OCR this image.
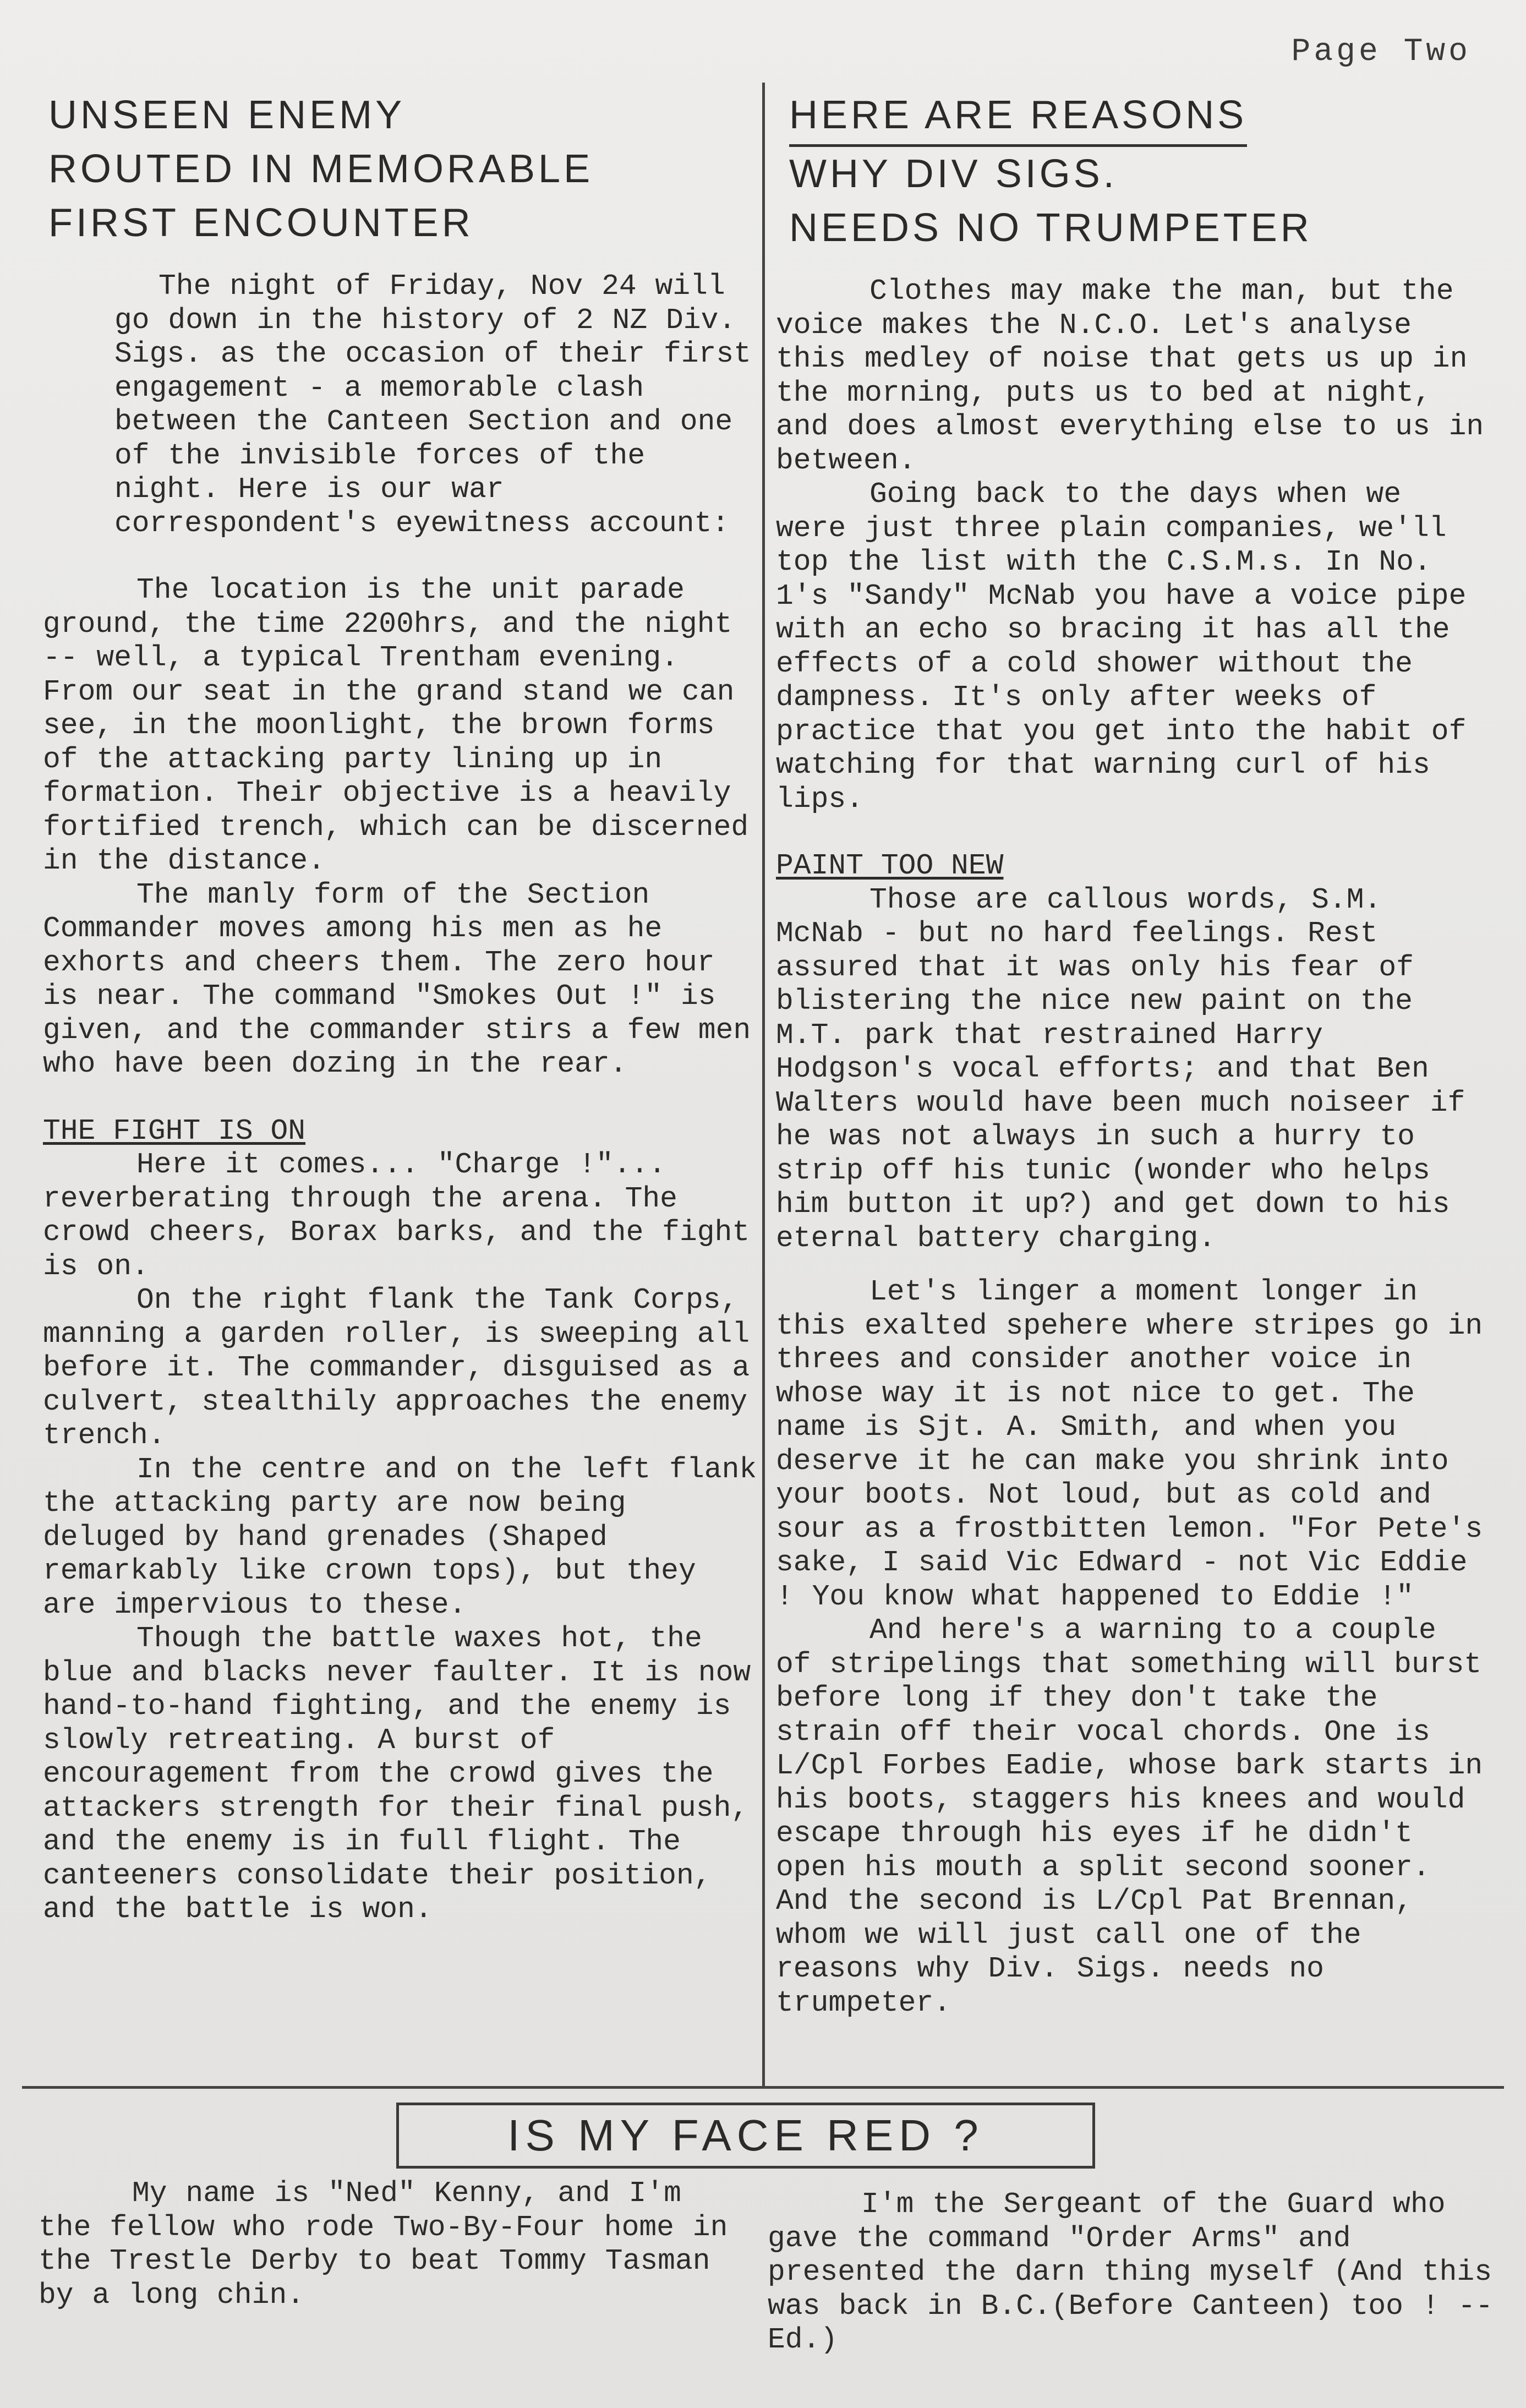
Page Two
UNSEEN ENEMY
ROUTED IN MEMORABLE
FIRST ENCOUNTER

The night of Friday, Nov 24 will go down in the history of 2 NZ Div. Sigs. as the occasion of their first engagement - a memorable clash between the Canteen Section and one of the invisible forces of the night. Here is our war correspondent's eyewitness account:

The location is the unit parade ground, the time 2200hrs, and the night -- well, a typical Trentham evening. From our seat in the grand stand we can see, in the moonlight, the brown forms of the attacking party lining up in formation. Their objective is a heavily fortified trench, which can be discerned in the distance.

The manly form of the Section Commander moves among his men as he exhorts and cheers them. The zero hour is near. The command "Smokes Out !" is given, and the commander stirs a few men who have been dozing in the rear.

THE FIGHT IS ON

Here it comes... "Charge !"... reverberating through the arena. The crowd cheers, Borax barks, and the fight is on.

On the right flank the Tank Corps, manning a garden roller, is sweeping all before it. The commander, disguised as a culvert, stealthily approaches the enemy trench.

In the centre and on the left flank the attacking party are now being deluged by hand grenades (Shaped remarkably like crown tops), but they are impervious to these.

Though the battle waxes hot, the blue and blacks never faulter. It is now hand-to-hand fighting, and the enemy is slowly retreating. A burst of encouragement from the crowd gives the attackers strength for their final push, and the enemy is in full flight. The canteeners consolidate their position, and the battle is won.

HERE ARE REASONS
WHY DIV SIGS.
NEEDS NO TRUMPETER

Clothes may make the man, but the voice makes the N.C.O. Let's analyse this medley of noise that gets us up in the morning, puts us to bed at night, and does almost everything else to us in between.

Going back to the days when we were just three plain companies, we'll top the list with the C.S.M.s. In No. 1's "Sandy" McNab you have a voice pipe with an echo so bracing it has all the effects of a cold shower without the dampness. It's only after weeks of practice that you get into the habit of watching for that warning curl of his lips.

PAINT TOO NEW

Those are callous words, S.M. McNab - but no hard feelings. Rest assured that it was only his fear of blistering the nice new paint on the M.T. park that restrained Harry Hodgson's vocal efforts; and that Ben Walters would have been much noiseer if he was not always in such a hurry to strip off his tunic (wonder who helps him button it up?) and get down to his eternal battery charging.

Let's linger a moment longer in this exalted spehere where stripes go in threes and consider another voice in whose way it is not nice to get. The name is Sjt. A. Smith, and when you deserve it he can make you shrink into your boots. Not loud, but as cold and sour as a frostbitten lemon. "For Pete's sake, I said Vic Edward - not Vic Eddie ! You know what happened to Eddie !"

And here's a warning to a couple of stripelings that something will burst before long if they don't take the strain off their vocal chords. One is L/Cpl Forbes Eadie, whose bark starts in his boots, staggers his knees and would escape through his eyes if he didn't open his mouth a split second sooner. And the second is L/Cpl Pat Brennan, whom we will just call one of the reasons why Div. Sigs. needs no trumpeter.

IS MY FACE RED ?

My name is "Ned" Kenny, and I'm the fellow who rode Two-By-Four home in the Trestle Derby to beat Tommy Tasman by a long chin.

I'm the Sergeant of the Guard who gave the command "Order Arms" and presented the darn thing myself (And this was back in B.C.(Before Canteen) too ! --Ed.)
